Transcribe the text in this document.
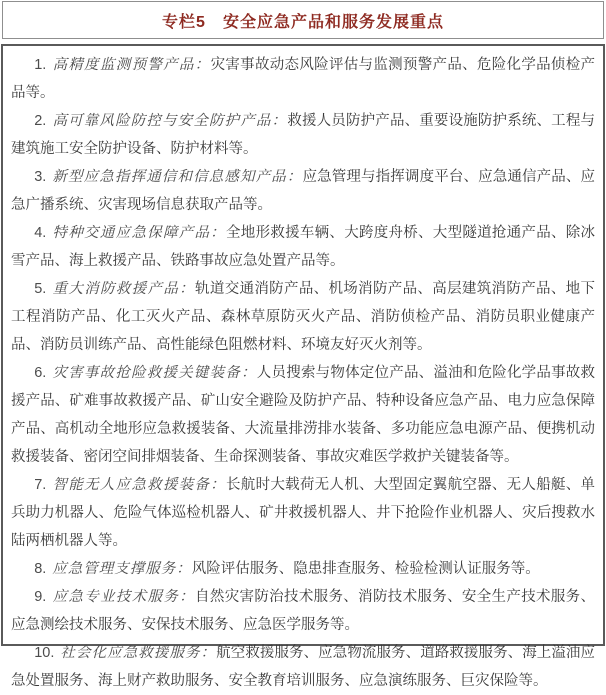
专栏5　安全应急产品和服务发展重点

1. 高精度监测预警产品：灾害事故动态风险评估与监测预警产品、危险化学品侦检产品等。

2. 高可靠风险防控与安全防护产品：救援人员防护产品、重要设施防护系统、工程与建筑施工安全防护设备、防护材料等。

3. 新型应急指挥通信和信息感知产品：应急管理与指挥调度平台、应急通信产品、应急广播系统、灾害现场信息获取产品等。

4. 特种交通应急保障产品：全地形救援车辆、大跨度舟桥、大型隧道抢通产品、除冰雪产品、海上救援产品、铁路事故应急处置产品等。

5. 重大消防救援产品：轨道交通消防产品、机场消防产品、高层建筑消防产品、地下工程消防产品、化工灭火产品、森林草原防灭火产品、消防侦检产品、消防员职业健康产品、消防员训练产品、高性能绿色阻燃材料、环境友好灭火剂等。

6. 灾害事故抢险救援关键装备：人员搜索与物体定位产品、溢油和危险化学品事故救援产品、矿难事故救援产品、矿山安全避险及防护产品、特种设备应急产品、电力应急保障产品、高机动全地形应急救援装备、大流量排涝排水装备、多功能应急电源产品、便携机动救援装备、密闭空间排烟装备、生命探测装备、事故灾难医学救护关键装备等。

7. 智能无人应急救援装备：长航时大载荷无人机、大型固定翼航空器、无人船艇、单兵助力机器人、危险气体巡检机器人、矿井救援机器人、井下抢险作业机器人、灾后搜救水陆两栖机器人等。

8. 应急管理支撑服务：风险评估服务、隐患排查服务、检验检测认证服务等。

9. 应急专业技术服务：自然灾害防治技术服务、消防技术服务、安全生产技术服务、应急测绘技术服务、安保技术服务、应急医学服务等。

10. 社会化应急救援服务：航空救援服务、应急物流服务、道路救援服务、海上溢油应急处置服务、海上财产救助服务、安全教育培训服务、应急演练服务、巨灾保险等。
